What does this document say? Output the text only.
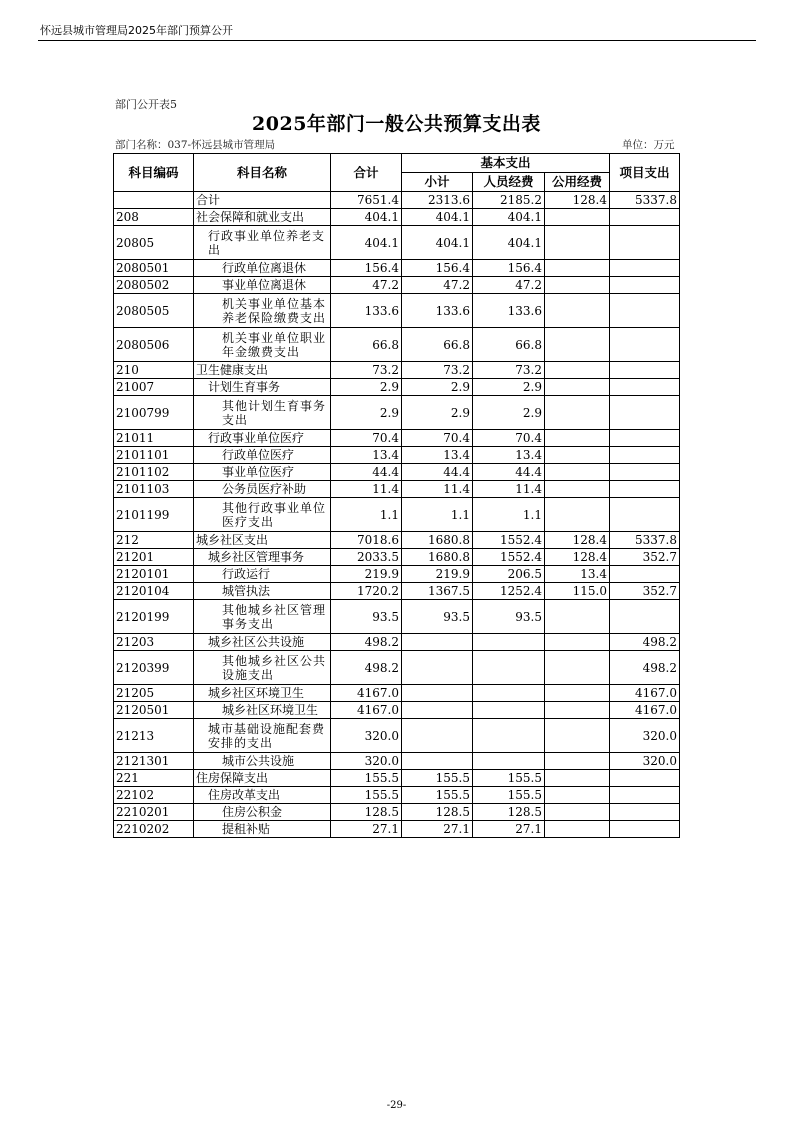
怀远县城市管理局2025年部门预算公开
部门公开表5
2025年部门一般公共预算支出表
部门名称：037-怀远县城市管理局	单位：万元
科目编码	科目名称	合计	基本支出			项目支出
			小计	人员经费	公用经费	
	合计	7651.4	2313.6	2185.2	128.4	5337.8
208	社会保障和就业支出	404.1	404.1	404.1		
20805	行政事业单位养老支出	404.1	404.1	404.1		
2080501	行政单位离退休	156.4	156.4	156.4		
2080502	事业单位离退休	47.2	47.2	47.2		
2080505	机关事业单位基本养老保险缴费支出	133.6	133.6	133.6		
2080506	机关事业单位职业年金缴费支出	66.8	66.8	66.8		
210	卫生健康支出	73.2	73.2	73.2		
21007	计划生育事务	2.9	2.9	2.9		
2100799	其他计划生育事务支出	2.9	2.9	2.9		
21011	行政事业单位医疗	70.4	70.4	70.4		
2101101	行政单位医疗	13.4	13.4	13.4		
2101102	事业单位医疗	44.4	44.4	44.4		
2101103	公务员医疗补助	11.4	11.4	11.4		
2101199	其他行政事业单位医疗支出	1.1	1.1	1.1		
212	城乡社区支出	7018.6	1680.8	1552.4	128.4	5337.8
21201	城乡社区管理事务	2033.5	1680.8	1552.4	128.4	352.7
2120101	行政运行	219.9	219.9	206.5	13.4	
2120104	城管执法	1720.2	1367.5	1252.4	115.0	352.7
2120199	其他城乡社区管理事务支出	93.5	93.5	93.5		
21203	城乡社区公共设施	498.2				498.2
2120399	其他城乡社区公共设施支出	498.2				498.2
21205	城乡社区环境卫生	4167.0				4167.0
2120501	城乡社区环境卫生	4167.0				4167.0
21213	城市基础设施配套费安排的支出	320.0				320.0
2121301	城市公共设施	320.0				320.0
221	住房保障支出	155.5	155.5	155.5		
22102	住房改革支出	155.5	155.5	155.5		
2210201	住房公积金	128.5	128.5	128.5		
2210202	提租补贴	27.1	27.1	27.1		
-29-
